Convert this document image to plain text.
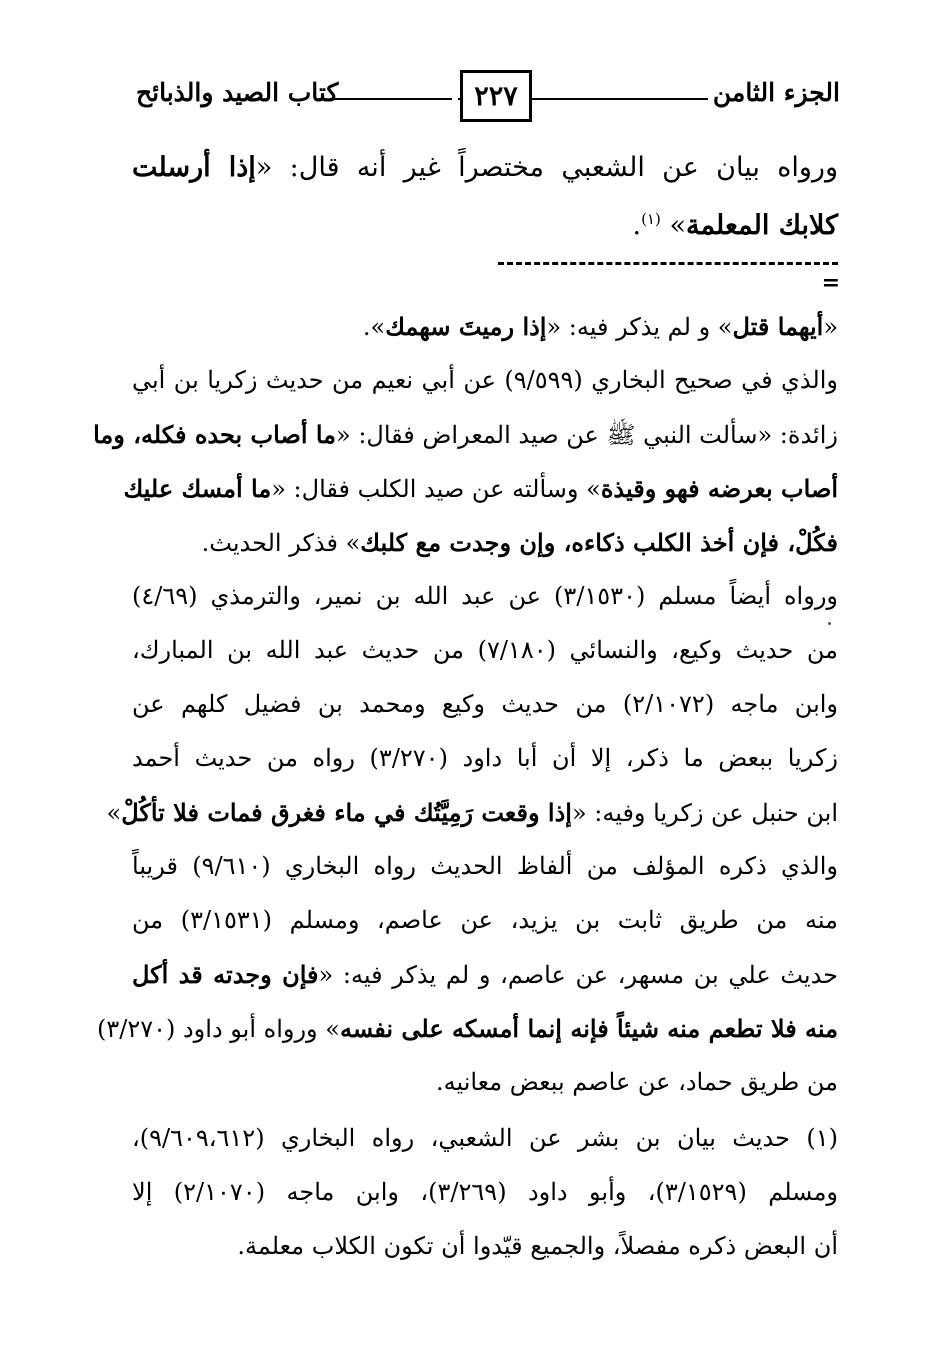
الجزء الثامن
٢٢٧
كتاب الصيد والذبائح
ورواه بيان عن الشعبي مختصراً غير أنه قال: «إذا أرسلت
كلابك المعلمة» $^{(١)}$.
=
«أيهما قتل» و لم يذكر فيه: «إذا رميتَ سهمك».
والذي في صحيح البخاري (٩/٥٩٩) عن أبي نعيم من حديث زكريا بن أبي
زائدة: «سألت النبي ﷺ عن صيد المعراض فقال: «ما أصاب بحده فكله، وما
أصاب بعرضه فهو وقيذة» وسألته عن صيد الكلب فقال: «ما أمسك عليك
فكُلْ، فإن أخذ الكلب ذكاءه، وإن وجدت مع كلبك» فذكر الحديث.
ورواه أيضاً مسلم (٣/١٥٣٠) عن عبد الله بن نمير، والترمذي (٤/٦٩)
من حديث وكيع، والنسائي (٧/١٨٠) من حديث عبد الله بن المبارك،
وابن ماجه (٢/١٠٧٢) من حديث وكيع ومحمد بن فضيل كلهم عن
زكريا ببعض ما ذكر، إلا أن أبا داود (٣/٢٧٠) رواه من حديث أحمد
ابن حنبل عن زكريا وفيه: «إذا وقعت رَمِيَّتُك في ماء فغرق فمات فلا تأكُلْ»
والذي ذكره المؤلف من ألفاظ الحديث رواه البخاري (٩/٦١٠) قريباً
منه من طريق ثابت بن يزيد، عن عاصم، ومسلم (٣/١٥٣١) من
حديث علي بن مسهر، عن عاصم، و لم يذكر فيه: «فإن وجدته قد أكل
منه فلا تطعم منه شيئاً فإنه إنما أمسكه على نفسه» ورواه أبو داود (٣/٢٧٠)
من طريق حماد، عن عاصم ببعض معانيه.
(١) حديث بيان بن بشر عن الشعبي، رواه البخاري (٩/٦٠٩،٦١٢)،
ومسلم (٣/١٥٢٩)، وأبو داود (٣/٢٦٩)، وابن ماجه (٢/١٠٧٠) إلا
أن البعض ذكره مفصلاً، والجميع قيّدوا أن تكون الكلاب معلمة.
